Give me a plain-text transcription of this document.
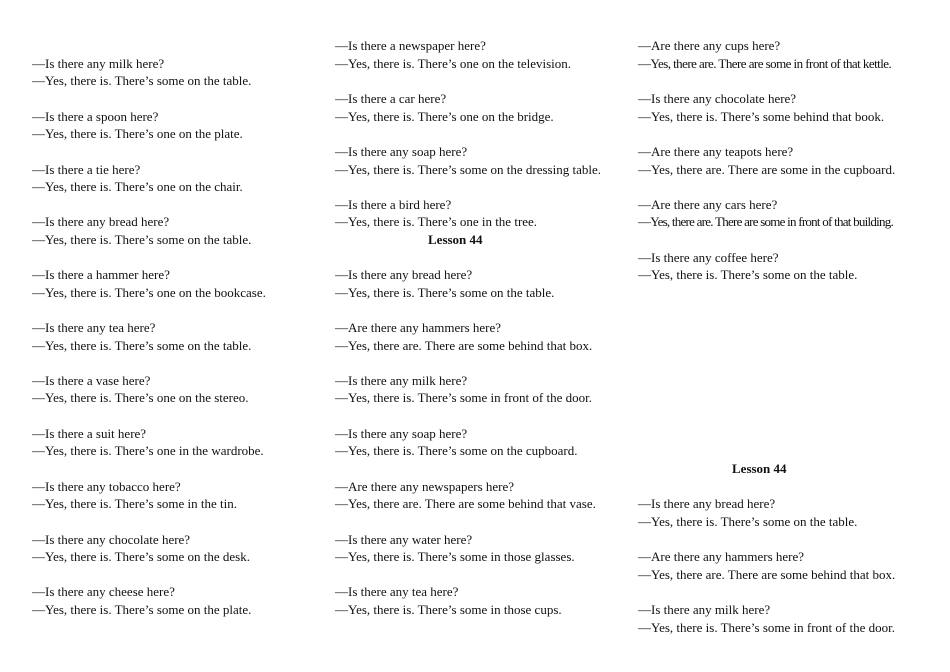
—Is there any milk here?
—Yes, there is. There’s some on the table.
—Is there a spoon here?
—Yes, there is. There’s one on the plate.
—Is there a tie here?
—Yes, there is. There’s one on the chair.
—Is there any bread here?
—Yes, there is. There’s some on the table.
—Is there a hammer here?
—Yes, there is. There’s one on the bookcase.
—Is there any tea here?
—Yes, there is. There’s some on the table.
—Is there a vase here?
—Yes, there is. There’s one on the stereo.
—Is there a suit here?
—Yes, there is. There’s one in the wardrobe.
—Is there any tobacco here?
—Yes, there is. There’s some in the tin.
—Is there any chocolate here?
—Yes, there is. There’s some on the desk.
—Is there any cheese here?
—Yes, there is. There’s some on the plate.
—Is there a newspaper here?
—Yes, there is. There’s one on the television.
—Is there a car here?
—Yes, there is. There’s one on the bridge.
—Is there any soap here?
—Yes, there is. There’s some on the dressing table.
—Is there a bird here?
—Yes, there is. There’s one in the tree.
Lesson 44
—Is there any bread here?
—Yes, there is. There’s some on the table.
—Are there any hammers here?
—Yes, there are. There are some behind that box.
—Is there any milk here?
—Yes, there is. There’s some in front of the door.
—Is there any soap here?
—Yes, there is. There’s some on the cupboard.
—Are there any newspapers here?
—Yes, there are. There are some behind that vase.
—Is there any water here?
—Yes, there is. There’s some in those glasses.
—Is there any tea here?
—Yes, there is. There’s some in those cups.
—Are there any cups here?
—Yes, there are. There are some in front of that kettle.
—Is there any chocolate here?
—Yes, there is. There’s some behind that book.
—Are there any teapots here?
—Yes, there are. There are some in the cupboard.
—Are there any cars here?
—Yes, there are. There are some in front of that building.
—Is there any coffee here?
—Yes, there is. There’s some on the table.
Lesson 44
—Is there any bread here?
—Yes, there is. There’s some on the table.
—Are there any hammers here?
—Yes, there are. There are some behind that box.
—Is there any milk here?
—Yes, there is. There’s some in front of the door.
